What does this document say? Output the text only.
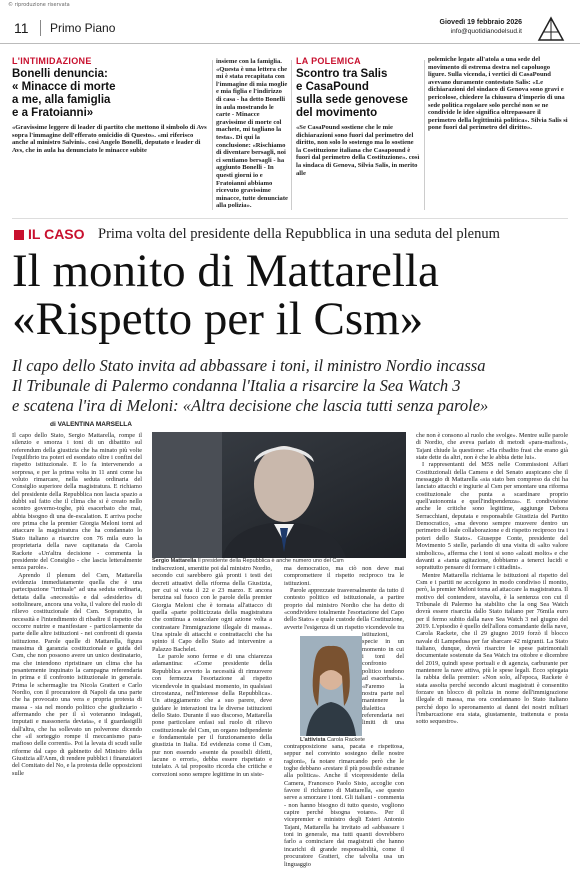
© riproduzione riservata
11 Primo Piano	Giovedì 19 febbraio 2026
info@quotidianodelsud.it
L'INTIMIDAZIONE
Bonelli denuncia:
« Minacce di morte
a me, alla famiglia
e a Fratoianni»
«Gravissime leggere di leader di partito che mettono il simbolo di Avs sopra l'immagine dell'efferato omicidio di Questo». «mi riferisco anche al ministro Salvini». così Angelo Bonelli, deputato e leader di Avs, che in aula ha denunciato le minacce subite
insieme con la famiglia. «Questa è una lettera che mi è stata recapitata con l'immagine di mia moglie e mia figlia e l'indirizzo di casa - ha detto Bonelli in aula mostrando le carte - Minacce gravissime di morte col machete, mi tagliano la testa». Di qui la conclusione: «Rischiamo di diventare bersagli, noi ci sentiamo bersagli - ha aggiunto Bonelli - In questi giorni io e Fratoianni abbiamo ricevuto gravissime minacce, tutte denunciate alla polizia».
LA POLEMICA
Scontro tra Salis
e CasaPound
sulla sede genovese
del movimento
«Se CasaPound sostiene che le mie dichiarazioni sono fuori dal perimetro del diritto, non solo lo sostengo ma lo sostiene la Costituzione italiana che Casapound è fuori dal perimetro della Costituzione». così la sindaca di Genova, Silvia Salis, in merito alle
polemiche legate all'atola a una sede del movimento di estrema destra nel capoluogo ligure. Sulla vicenda, i vertici di CasaPound avevano duramente contestato Salis: «Le dichiarazioni del sindaco di Genova sono gravi e pericolose, chiedere la chiusura d'imperio di una sede politica regolare solo perché non se ne condivide le idee significa oltrepassare il perimetro della legittimità politica». Silvia Salis si pone fuori dal perimetro del diritto».
IL CASO Prima volta del presidente della Repubblica in una seduta del plenum
Il monito di Mattarella
«Rispetto per il Csm»
Il capo dello Stato invita ad abbassare i toni, il ministro Nordio incassa
Il Tribunale di Palermo condanna l'Italia a risarcire la Sea Watch 3
e scatena l'ira di Meloni: «Altra decisione che lascia tutti senza parole»
di VALENTINA MARSELLA

Il capo dello Stato, Sergio Mattarella, rompe il silenzio e smorza i toni di un dibattito sul referendum della giustizia che ha minato più volte l'equilibrio tra poteri ed esondato oltre i confini del rispetto istituzionale. E lo fa intervenendo a sorpresa, e per la prima volta in 11 anni come ha voluto rimarcare, nella seduta ordinaria del Consiglio superiore della magistratura. E richiamo del presidente della Repubblica non lascia spazio a dubbi sul fatto che il clima che si è creato nello scontro governo-toghe, più esacerbato che mai, abbia bisogno di una de-escalation. E arriva poche ore prima che la premier Giorgia Meloni torni ad attaccare la magistratura che ha condannato lo Stato italiano a risarcire con 76 mila euro la proprietaria della nave capitanata da Carola Rackete «Un'altra decisione - commenta la presidente del Consiglio - che lascia letteralmente senza parole».

Aprendo il plenum del Csm, Mattarella evidenzia immediatamente quella che è una partecipazione "irrituale" ad una seduta ordinaria, dettata dalla «necessità» e dal «desiderio» di sottolineare, ancora una volta, il valore del ruolo di rilievo costituzionale del Csm. Sopratutto, la necessità e l'intendimento di ribadire il rispetto che occorre nutrire e manifestare - particolarmente da parte delle altre istituzioni - nei confronti di questa istituzione. Parole quelle di Mattarella, figura massima di garanzia costituzionale e guida del Csm, che non possono avere un unico destinatario, ma che intendono ripristinare un clima che ha pesantemente inquinato la campagna referendaria in prima e il confronto istituzionale in generale. Prima le schermaglie tra Nicola Gratteri e Carlo Nordio, con il procuratore di Napoli da una parte che ha provocato una vera e propria protesta di massa - sia nel mondo politico che giudiziario - affermando che per il sì voteranno indagati, imputati e massoneria deviata», e il guardasigilli dall'altra, che ha sollevato un polverone dicendo che «il sorteggio rompe il meccanismo para-mafioso delle correnti». Poi la levata di scudi sulle riforme dal capo di gabinetto del Ministro della Giustizia all'Anm, di rendere pubblici i finanziatori del Comitato del No, e la protesta delle opposizioni sulle

Sergio Mattarella Il presidente della Repubblica è anche numero uno del Csm

indiscrezioni, smentite poi dal ministro Nordio, secondo cui sarebbero già pronti i testi dei decreti attuativi della riforma della Giustizia, per cui si vota il 22 e 23 marzo. E ancora benzina sul fuoco con le parole della premier Giorgia Meloni che è tornata all'attacco di quella «parte politicizzata della magistratura che continua a ostacolare ogni azione volta a contrastare l'immigrazione illegale di massa». Una spirale di attacchi e contrattacchi che ha spinto il Capo dello Stato ad intervenire a Palazzo Bachelet.

Le parole sono ferme e di una chiarezza adamantina: «Come presidente della Repubblica avverto la necessità di rimuovere con fermezza l'esortazione al rispetto vicendevole in qualsiasi momento, in qualsiasi circostanza, nell'interesse della Repubblica». Un atteggiamento che a suo parere, deve guidare le interazioni tra le diverse istituzioni dello Stato. Durante il suo discorso, Mattarella pone particolare enfasi sul ruolo di rilievo costituzionale del Csm, un organo indipendente e fondamentale per il funzionamento della giustizia in Italia. Ed evidenzia come il Csm, pur non essendo «esente da possibili difetti, lacune o errori», debba essere rispettato e tutelato. A tal proposito ricorda che critiche e correzioni sono sempre legittime in un siste-

ma democratico, ma ciò non deve mai compromettere il rispetto reciproco tra le istituzioni.

Parole apprezzate trasversalmente da tutto il contesto politico ed istituzionale, a partire proprio dal ministro Nordio che ha detto di «condividere totalmente l'esortazione del Capo dello Stato» e quale custode della Costituzione, avverte l'esigenza di un rispetto vicendevole tra istituzioni, specie in un momento in cui i toni del confronto politico tendono ad esacerbarsi». «Faremo la nostra parte nel mantenere la dialettica referendaria nei limiti di una contrapposizione sana, pacata e rispettosa, seppur nel convinto sostegno delle nostre ragioni», fa notare rimarcando però che le toghe debbano «restare il più possibile estranee alla politica». Anche il vicepresidente della Camera, Francesco Paolo Sisto, accoglie con favore il richiamo di Mattarella, «se questo serve a smorzare i toni. Gli italiani - commenta - non hanno bisogno di tutto questo, vogliono capire perché bisogna votare». Per il vicepremier e ministro degli Esteri Antonio Tajani, Mattarella ha invitato ad «abbassare i toni in generale, ma tutti quanti dovrebbero farlo a cominciare dai magistrati che hanno incarichi di grande responsabilità, come il procuratore Gratteri, che talvolta usa un linguaggio

che non è consono al ruolo che svolge». Mentre sulle parole di Nordio, che aveva parlato di metodi «para-mafiosi», Tajani chiude la questione: «Ha ribadito frasi che erano già state dette da altri, non è che le abbia dette lui».

I rappresentanti del M5S nelle Commissioni Affari Costituzionali della Camera e del Senato auspicano che il messaggio di Mattarella «sia stato ben compreso da chi ha lanciato attacchi e ingiurie al Csm per smontare una riforma costituzionale che punta a scardinare proprio quell'autonomia e quell'indipendenza». E condivisione anche le critiche sono legittime, aggiunge Debora Serracchiani, deputata e responsabile Giustizia del Partito Democratico, «ma devono sempre muovere dentro un perimetro di leale collaborazione e di rispetto reciproco tra i poteri dello Stato». Giuseppe Conte, presidente del Movimento 5 stelle, parlando di una visita di «alto valore simbolico», afferma che i toni si sono «alzati molto» e che davanti a «tanta agitazione, dobbiamo a tenerci lucidi e soprattutto pensare di formare i cittadini».

Mentre Mattarella richiama le istituzioni al rispetto del Csm e i partiti ne accolgono in modo condiviso il monito, però, la premier Meloni torna ad attaccare la magistratura. Il motivo del contendere, stavolta, è la sentenza con cui il Tribunale di Palermo ha stabilito che la ong Sea Watch dovrà essere risarcita dallo Stato italiano per 76mila euro per il fermo subito dalla nave Sea Watch 3 nel giugno del 2019. L'episodio è quello dell'allora comandante della nave, Carola Rackete, che il 29 giugno 2019 forzò il blocco navale di Lampedusa per far sbarcare 42 migranti. La Stato italiano, dunque, dovrà risarcire le spese patrimoniali documentate sostenute da Sea Watch tra ottobre e dicembre del 2019, quindi spese portuali e di agenzia, carburante per mantenere la nave attiva, più le spese legali. Ecco spiegata la rabbia della premier: «Non solo, all'epoca, Rackete è stata assolta perché secondo alcuni magistrati è consentito forzare un blocco di polizia in nome dell'immigrazione illegale di massa, ma ora condannano lo Stato italiano perché dopo lo speronamento ai danni dei nostri militari l'imbarcazione era stata, giustamente, trattenuta e posta sotto sequestro».

L'attivista Carola Rackete
